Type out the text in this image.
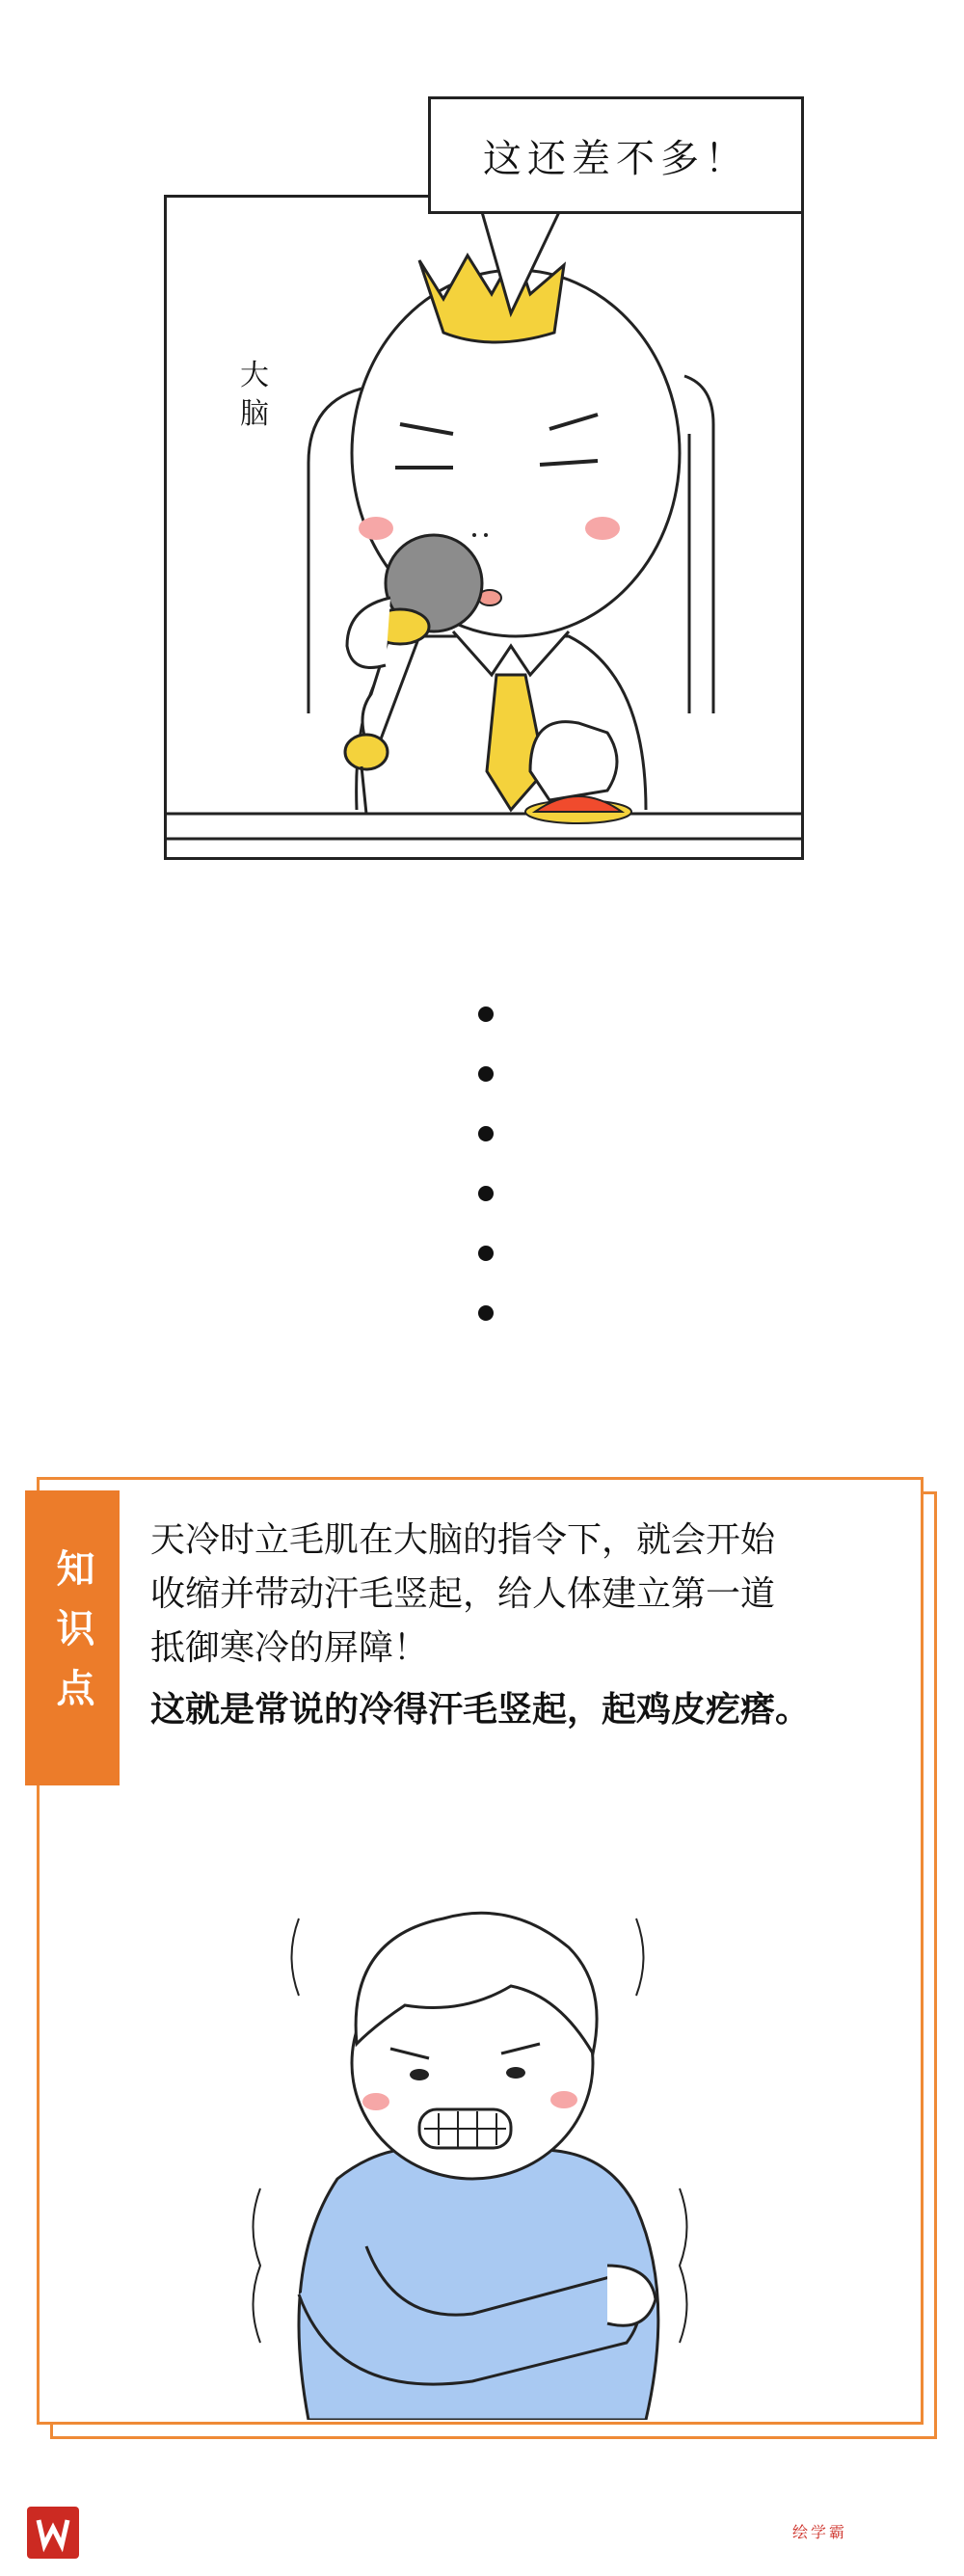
这还差不多！
大脑
知识点
天冷时立毛肌在大脑的指令下，就会开始
收缩并带动汗毛竖起，给人体建立第一道
抵御寒冷的屏障！
这就是常说的冷得汗毛竖起，起鸡皮疙瘩。
绘学霸
